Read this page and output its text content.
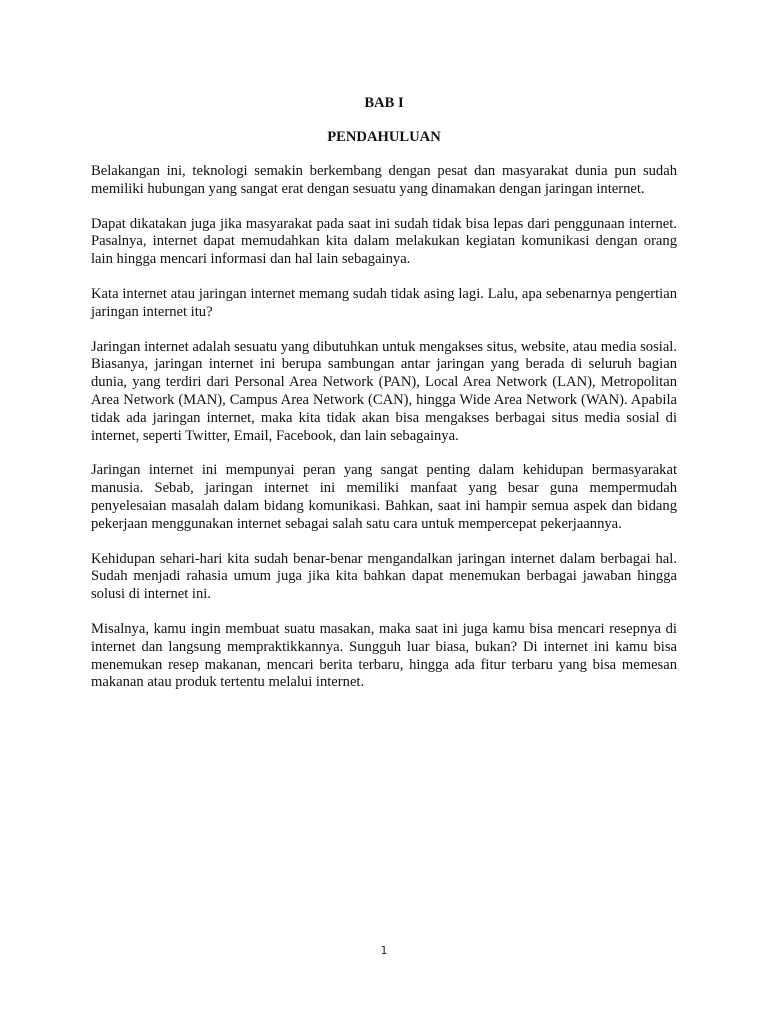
BAB I

PENDAHULUAN

Belakangan ini, teknologi semakin berkembang dengan pesat dan masyarakat dunia pun sudah memiliki hubungan yang sangat erat dengan sesuatu yang dinamakan dengan jaringan internet.

Dapat dikatakan juga jika masyarakat pada saat ini sudah tidak bisa lepas dari penggunaan internet. Pasalnya, internet dapat memudahkan kita dalam melakukan kegiatan komunikasi dengan orang lain hingga mencari informasi dan hal lain sebagainya.

Kata internet atau jaringan internet memang sudah tidak asing lagi. Lalu, apa sebenarnya pengertian jaringan internet itu?

Jaringan internet adalah sesuatu yang dibutuhkan untuk mengakses situs, website, atau media sosial. Biasanya, jaringan internet ini berupa sambungan antar jaringan yang berada di seluruh bagian dunia, yang terdiri dari Personal Area Network (PAN), Local Area Network (LAN), Metropolitan Area Network (MAN), Campus Area Network (CAN), hingga Wide Area Network (WAN). Apabila tidak ada jaringan internet, maka kita tidak akan bisa mengakses berbagai situs media sosial di internet, seperti Twitter, Email, Facebook, dan lain sebagainya.

Jaringan internet ini mempunyai peran yang sangat penting dalam kehidupan bermasyarakat manusia. Sebab, jaringan internet ini memiliki manfaat yang besar guna mempermudah penyelesaian masalah dalam bidang komunikasi. Bahkan, saat ini hampir semua aspek dan bidang pekerjaan menggunakan internet sebagai salah satu cara untuk mempercepat pekerjaannya.

Kehidupan sehari-hari kita sudah benar-benar mengandalkan jaringan internet dalam berbagai hal. Sudah menjadi rahasia umum juga jika kita bahkan dapat menemukan berbagai jawaban hingga solusi di internet ini.

Misalnya, kamu ingin membuat suatu masakan, maka saat ini juga kamu bisa mencari resepnya di internet dan langsung mempraktikkannya. Sungguh luar biasa, bukan? Di internet ini kamu bisa menemukan resep makanan, mencari berita terbaru, hingga ada fitur terbaru yang bisa memesan makanan atau produk tertentu melalui internet.

1
